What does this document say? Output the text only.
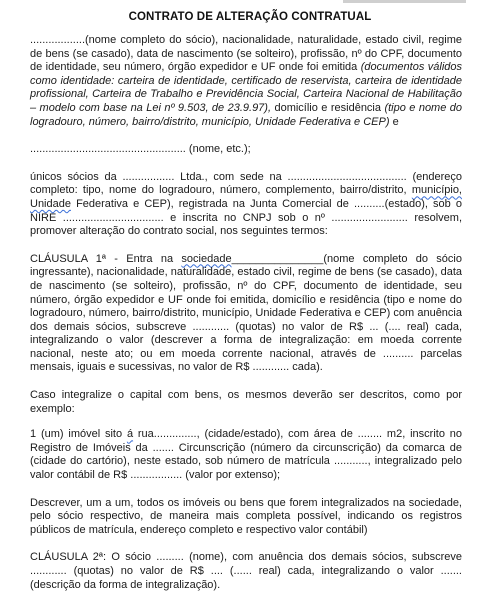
CONTRATO DE ALTERAÇÃO CONTRATUAL

..................(nome completo do sócio), nacionalidade, naturalidade, estado civil, regime de bens (se casado), data de nascimento (se solteiro), profissão, nº do CPF, documento de identidade, seu número, órgão expedidor e UF onde foi emitida (documentos válidos como identidade: carteira de identidade, certificado de reservista, carteira de identidade profissional, Carteira de Trabalho e Previdência Social, Carteira Nacional de Habilitação – modelo com base na Lei nº 9.503, de 23.9.97), domicílio e residência (tipo e nome do logradouro, número, bairro/distrito, município, Unidade Federativa e CEP) e

................................................... (nome, etc.);

únicos sócios da ................. Ltda., com sede na ....................................... (endereço completo: tipo, nome do logradouro, número, complemento, bairro/distrito, município, Unidade Federativa e CEP), registrada na Junta Comercial de ..........(estado), sob o NIRE ................................. e inscrita no CNPJ sob o nº ......................... resolvem, promover alteração do contrato social, nos seguintes termos:

CLÁUSULA 1ª - Entra na sociedade_______________(nome completo do sócio ingressante), nacionalidade, naturalidade, estado civil, regime de bens (se casado), data de nascimento (se solteiro), profissão, nº do CPF, documento de identidade, seu número, órgão expedidor e UF onde foi emitida, domicílio e residência (tipo e nome do logradouro, número, bairro/distrito, município, Unidade Federativa e CEP) com anuência dos demais sócios, subscreve ............ (quotas) no valor de R$ ... (.... real) cada, integralizando o valor (descrever a forma de integralização: em moeda corrente nacional, neste ato; ou em moeda corrente nacional, através de .......... parcelas mensais, iguais e sucessivas, no valor de R$ ............ cada).

Caso integralize o capital com bens, os mesmos deverão ser descritos, como por exemplo:

1 (um) imóvel sito á rua.............., (cidade/estado), com área de ........ m2, inscrito no Registro de Imóveis da ....... Circunscrição (número da circunscrição) da comarca de (cidade do cartório), neste estado, sob número de matrícula ..........., integralizado pelo valor contábil de R$ ................. (valor por extenso);

Descrever, um a um, todos os imóveis ou bens que forem integralizados na sociedade, pelo sócio respectivo, de maneira mais completa possível, indicando os registros públicos de matrícula, endereço completo e respectivo valor contábil)

CLÁUSULA 2ª: O sócio ......... (nome), com anuência dos demais sócios, subscreve ............ (quotas) no valor de R$ .... (...... real) cada, integralizando o valor ....... (descrição da forma de integralização).
